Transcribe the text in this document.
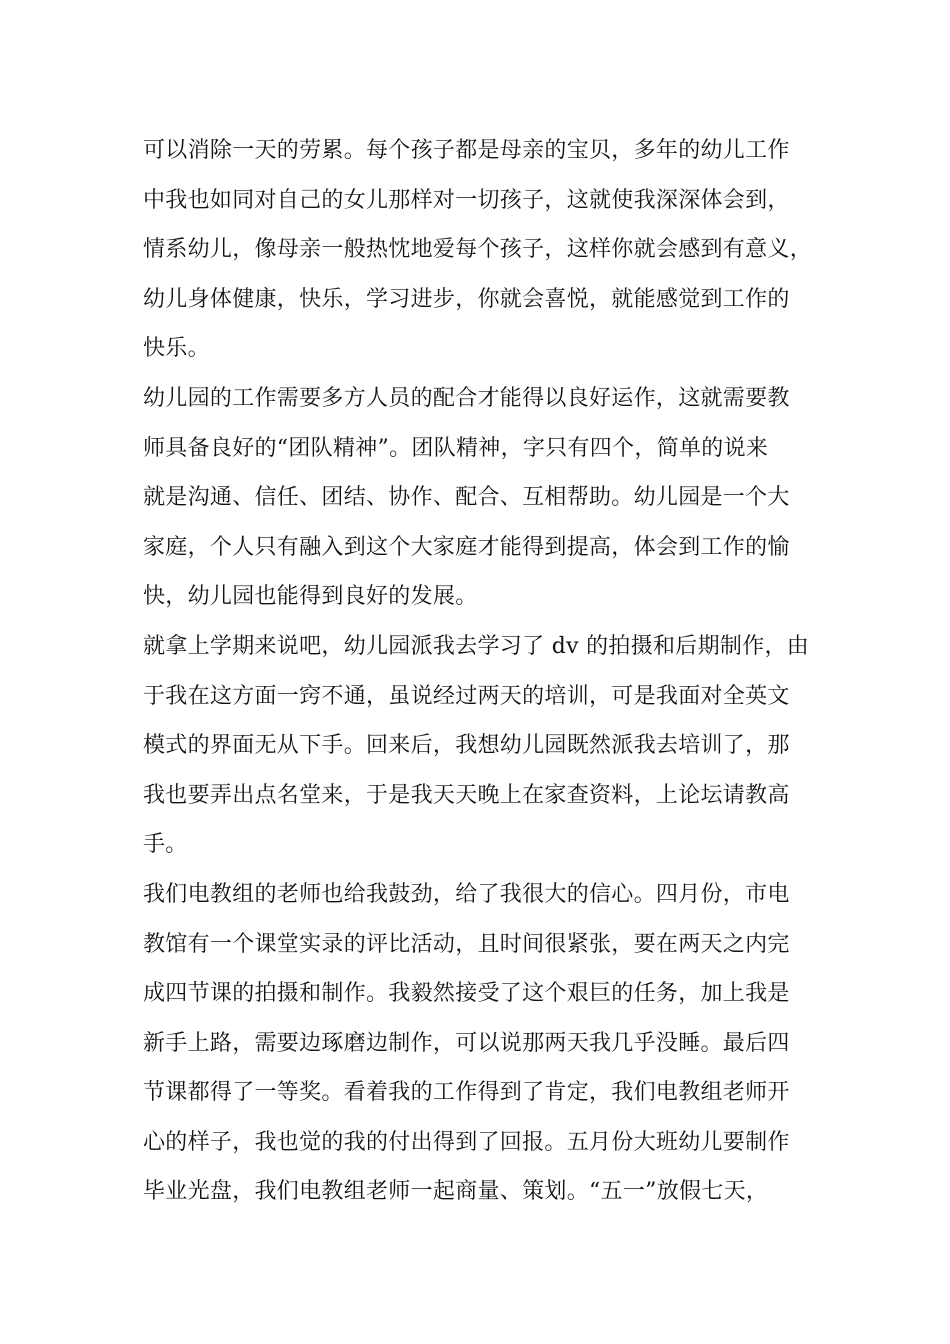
可以消除一天的劳累。每个孩子都是母亲的宝贝，多年的幼儿工作
中我也如同对自己的女儿那样对一切孩子，这就使我深深体会到，
情系幼儿，像母亲一般热忱地爱每个孩子，这样你就会感到有意义，
幼儿身体健康，快乐，学习进步，你就会喜悦，就能感觉到工作的
快乐。
幼儿园的工作需要多方人员的配合才能得以良好运作，这就需要教
师具备良好的“团队精神”。团队精神，字只有四个，简单的说来
就是沟通、信任、团结、协作、配合、互相帮助。幼儿园是一个大
家庭，个人只有融入到这个大家庭才能得到提高，体会到工作的愉
快，幼儿园也能得到良好的发展。
就拿上学期来说吧，幼儿园派我去学习了 dv 的拍摄和后期制作，由
于我在这方面一窍不通，虽说经过两天的培训，可是我面对全英文
模式的界面无从下手。回来后，我想幼儿园既然派我去培训了，那
我也要弄出点名堂来，于是我天天晚上在家查资料，上论坛请教高
手。
我们电教组的老师也给我鼓劲，给了我很大的信心。四月份，市电
教馆有一个课堂实录的评比活动，且时间很紧张，要在两天之内完
成四节课的拍摄和制作。我毅然接受了这个艰巨的任务，加上我是
新手上路，需要边琢磨边制作，可以说那两天我几乎没睡。最后四
节课都得了一等奖。看着我的工作得到了肯定，我们电教组老师开
心的样子，我也觉的我的付出得到了回报。五月份大班幼儿要制作
毕业光盘，我们电教组老师一起商量、策划。“五一”放假七天，
